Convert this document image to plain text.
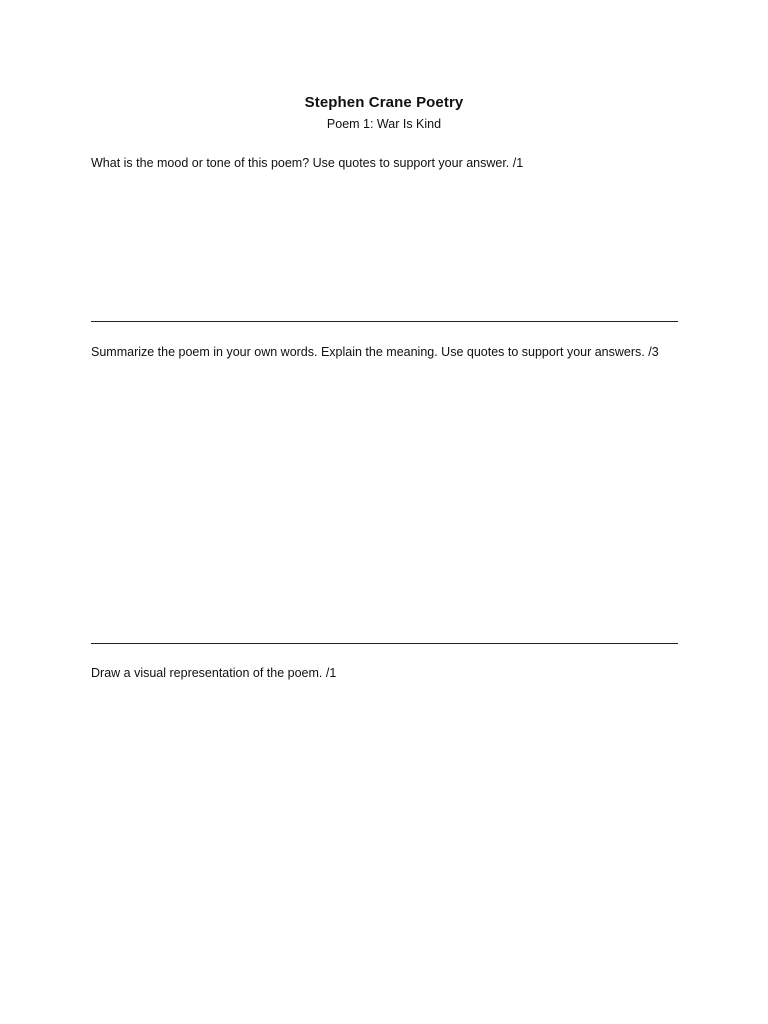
Stephen Crane Poetry
Poem 1: War Is Kind
What is the mood or tone of this poem? Use quotes to support your answer. /1
Summarize the poem in your own words. Explain the meaning. Use quotes to support your answers. /3
Draw a visual representation of the poem. /1
